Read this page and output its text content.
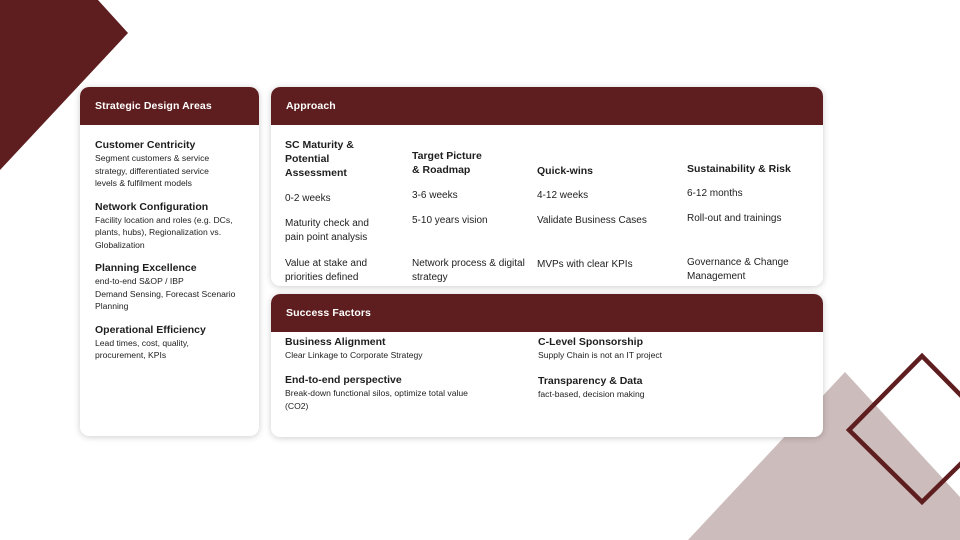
Strategic Design Areas
Customer Centricity
Segment customers & service
strategy, differentiated service
levels & fulfilment models
Network Configuration
Facility location and roles (e.g. DCs,
plants, hubs), Regionalization vs.
Globalization
Planning Excellence
end-to-end S&OP / IBP
Demand Sensing, Forecast Scenario
Planning
Operational Efficiency
Lead times, cost, quality,
procurement, KPIs
Approach
SC Maturity &
Potential
Assessment
0-2 weeks
Maturity check and
pain point analysis
Value at stake and
priorities defined
Target Picture
& Roadmap
3-6 weeks
5-10 years vision
Network process & digital
strategy
Quick-wins
4-12 weeks
Validate Business Cases
MVPs with clear KPIs
Sustainability & Risk
6-12 months
Roll-out and trainings
Governance & Change
Management
Success Factors
Business Alignment
Clear Linkage to Corporate Strategy
C-Level Sponsorship
Supply Chain is not an IT project
End-to-end perspective
Break-down functional silos, optimize total value
(CO2)
Transparency & Data
fact-based, decision making
